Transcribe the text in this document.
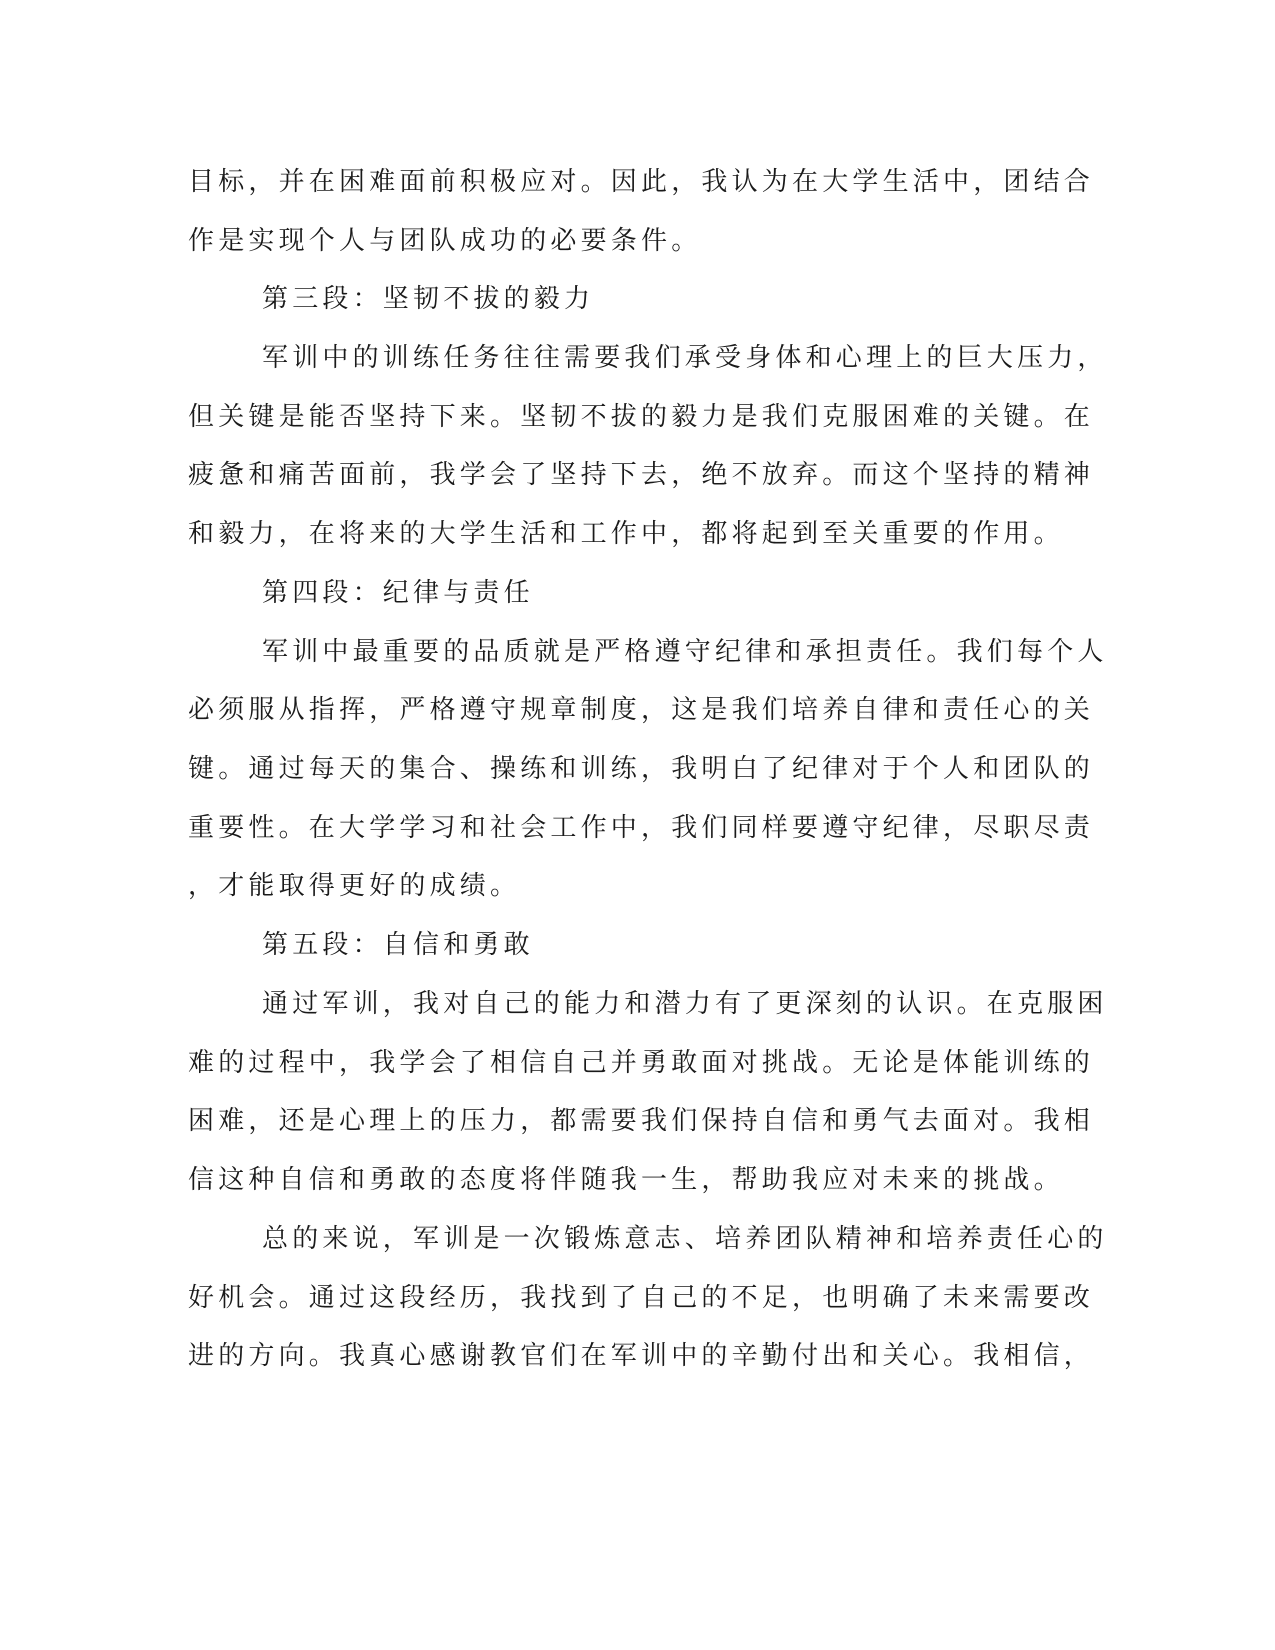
目标，并在困难面前积极应对。因此，我认为在大学生活中，团结合
作是实现个人与团队成功的必要条件。
第三段：坚韧不拔的毅力
军训中的训练任务往往需要我们承受身体和心理上的巨大压力，
但关键是能否坚持下来。坚韧不拔的毅力是我们克服困难的关键。在
疲惫和痛苦面前，我学会了坚持下去，绝不放弃。而这个坚持的精神
和毅力，在将来的大学生活和工作中，都将起到至关重要的作用。
第四段：纪律与责任
军训中最重要的品质就是严格遵守纪律和承担责任。我们每个人
必须服从指挥，严格遵守规章制度，这是我们培养自律和责任心的关
键。通过每天的集合、操练和训练，我明白了纪律对于个人和团队的
重要性。在大学学习和社会工作中，我们同样要遵守纪律，尽职尽责
，才能取得更好的成绩。
第五段：自信和勇敢
通过军训，我对自己的能力和潜力有了更深刻的认识。在克服困
难的过程中，我学会了相信自己并勇敢面对挑战。无论是体能训练的
困难，还是心理上的压力，都需要我们保持自信和勇气去面对。我相
信这种自信和勇敢的态度将伴随我一生，帮助我应对未来的挑战。
总的来说，军训是一次锻炼意志、培养团队精神和培养责任心的
好机会。通过这段经历，我找到了自己的不足，也明确了未来需要改
进的方向。我真心感谢教官们在军训中的辛勤付出和关心。我相信，
